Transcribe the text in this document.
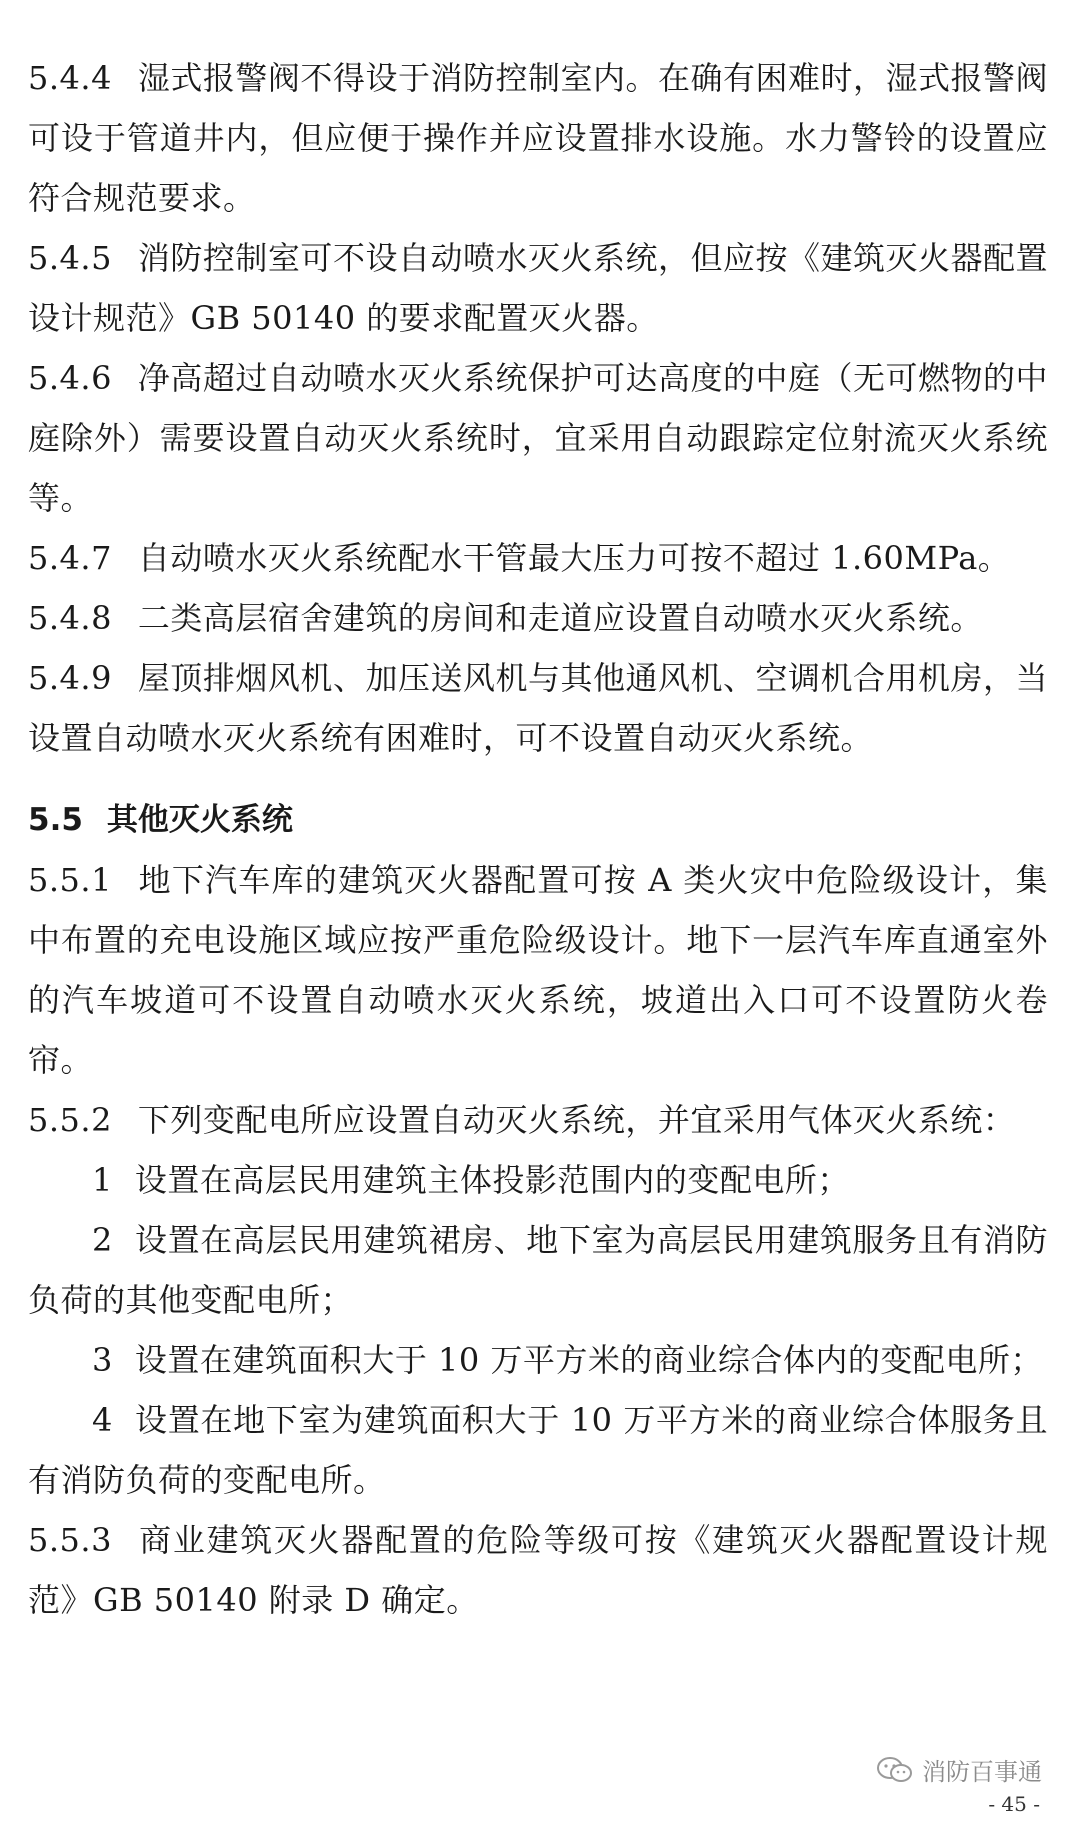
5.4.4 湿式报警阀不得设于消防控制室内。在确有困难时，湿式报警阀可设于管道井内，但应便于操作并应设置排水设施。水力警铃的设置应符合规范要求。

5.4.5 消防控制室可不设自动喷水灭火系统，但应按《建筑灭火器配置设计规范》GB 50140 的要求配置灭火器。

5.4.6 净高超过自动喷水灭火系统保护可达高度的中庭（无可燃物的中庭除外）需要设置自动灭火系统时，宜采用自动跟踪定位射流灭火系统等。

5.4.7 自动喷水灭火系统配水干管最大压力可按不超过 1.60MPa。

5.4.8 二类高层宿舍建筑的房间和走道应设置自动喷水灭火系统。

5.4.9 屋顶排烟风机、加压送风机与其他通风机、空调机合用机房，当设置自动喷水灭火系统有困难时，可不设置自动灭火系统。

5.5 其他灭火系统

5.5.1 地下汽车库的建筑灭火器配置可按 A 类火灾中危险级设计，集中布置的充电设施区域应按严重危险级设计。地下一层汽车库直通室外的汽车坡道可不设置自动喷水灭火系统，坡道出入口可不设置防火卷帘。

5.5.2 下列变配电所应设置自动灭火系统，并宜采用气体灭火系统：

1 设置在高层民用建筑主体投影范围内的变配电所；

2 设置在高层民用建筑裙房、地下室为高层民用建筑服务且有消防负荷的其他变配电所；

3 设置在建筑面积大于 10 万平方米的商业综合体内的变配电所；

4 设置在地下室为建筑面积大于 10 万平方米的商业综合体服务且有消防负荷的变配电所。

5.5.3 商业建筑灭火器配置的危险等级可按《建筑灭火器配置设计规范》GB 50140 附录 D 确定。

消防百事通
- 45 -
